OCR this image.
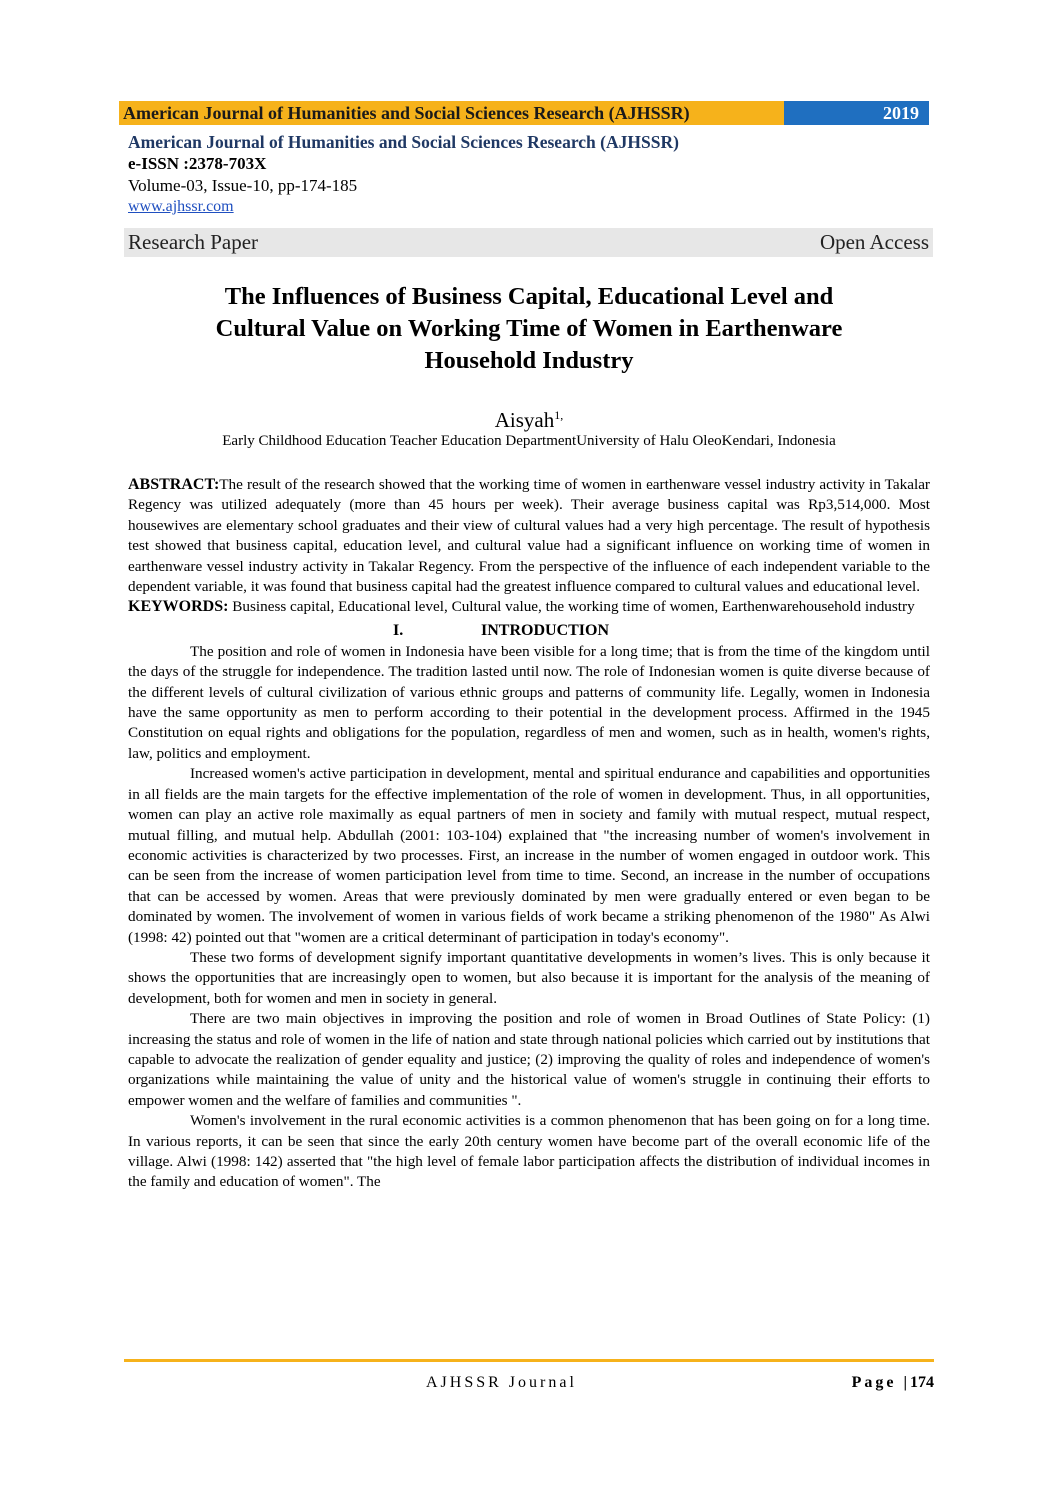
American Journal of Humanities and Social Sciences Research (AJHSSR)	2019
American Journal of Humanities and Social Sciences Research (AJHSSR)
e-ISSN :2378-703X
Volume-03, Issue-10, pp-174-185
www.ajhssr.com
Research Paper	Open Access
The Influences of Business Capital, Educational Level and
Cultural Value on Working Time of Women in Earthenware
Household Industry
Aisyah$^{1,}$
Early Childhood Education Teacher Education DepartmentUniversity of Halu OleoKendari, Indonesia

ABSTRACT:The result of the research showed that the working time of women in earthenware vessel industry activity in Takalar Regency was utilized adequately (more than 45 hours per week). Their average business capital was Rp3,514,000. Most housewives are elementary school graduates and their view of cultural values had a very high percentage. The result of hypothesis test showed that business capital, education level, and cultural value had a significant influence on working time of women in earthenware vessel industry activity in Takalar Regency. From the perspective of the influence of each independent variable to the dependent variable, it was found that business capital had the greatest influence compared to cultural values and educational level.

KEYWORDS: Business capital, Educational level, Cultural value, the working time of women, Earthenwarehousehold industry

I.	INTRODUCTION

The position and role of women in Indonesia have been visible for a long time; that is from the time of the kingdom until the days of the struggle for independence. The tradition lasted until now. The role of Indonesian women is quite diverse because of the different levels of cultural civilization of various ethnic groups and patterns of community life. Legally, women in Indonesia have the same opportunity as men to perform according to their potential in the development process. Affirmed in the 1945 Constitution on equal rights and obligations for the population, regardless of men and women, such as in health, women's rights, law, politics and employment.

Increased women's active participation in development, mental and spiritual endurance and capabilities and opportunities in all fields are the main targets for the effective implementation of the role of women in development. Thus, in all opportunities, women can play an active role maximally as equal partners of men in society and family with mutual respect, mutual respect, mutual filling, and mutual help. Abdullah (2001: 103-104) explained that "the increasing number of women's involvement in economic activities is characterized by two processes. First, an increase in the number of women engaged in outdoor work. This can be seen from the increase of women participation level from time to time. Second, an increase in the number of occupations that can be accessed by women. Areas that were previously dominated by men were gradually entered or even began to be dominated by women. The involvement of women in various fields of work became a striking phenomenon of the 1980" As Alwi (1998: 42) pointed out that "women are a critical determinant of participation in today's economy".

These two forms of development signify important quantitative developments in women’s lives. This is only because it shows the opportunities that are increasingly open to women, but also because it is important for the analysis of the meaning of development, both for women and men in society in general.

There are two main objectives in improving the position and role of women in Broad Outlines of State Policy: (1) increasing the status and role of women in the life of nation and state through national policies which carried out by institutions that capable to advocate the realization of gender equality and justice; (2) improving the quality of roles and independence of women's organizations while maintaining the value of unity and the historical value of women's struggle in continuing their efforts to empower women and the welfare of families and communities ".

Women's involvement in the rural economic activities is a common phenomenon that has been going on for a long time. In various reports, it can be seen that since the early 20th century women have become part of the overall economic life of the village. Alwi (1998: 142) asserted that "the high level of female labor participation affects the distribution of individual incomes in the family and education of women". The

AJHSSR Journal	Page |174
